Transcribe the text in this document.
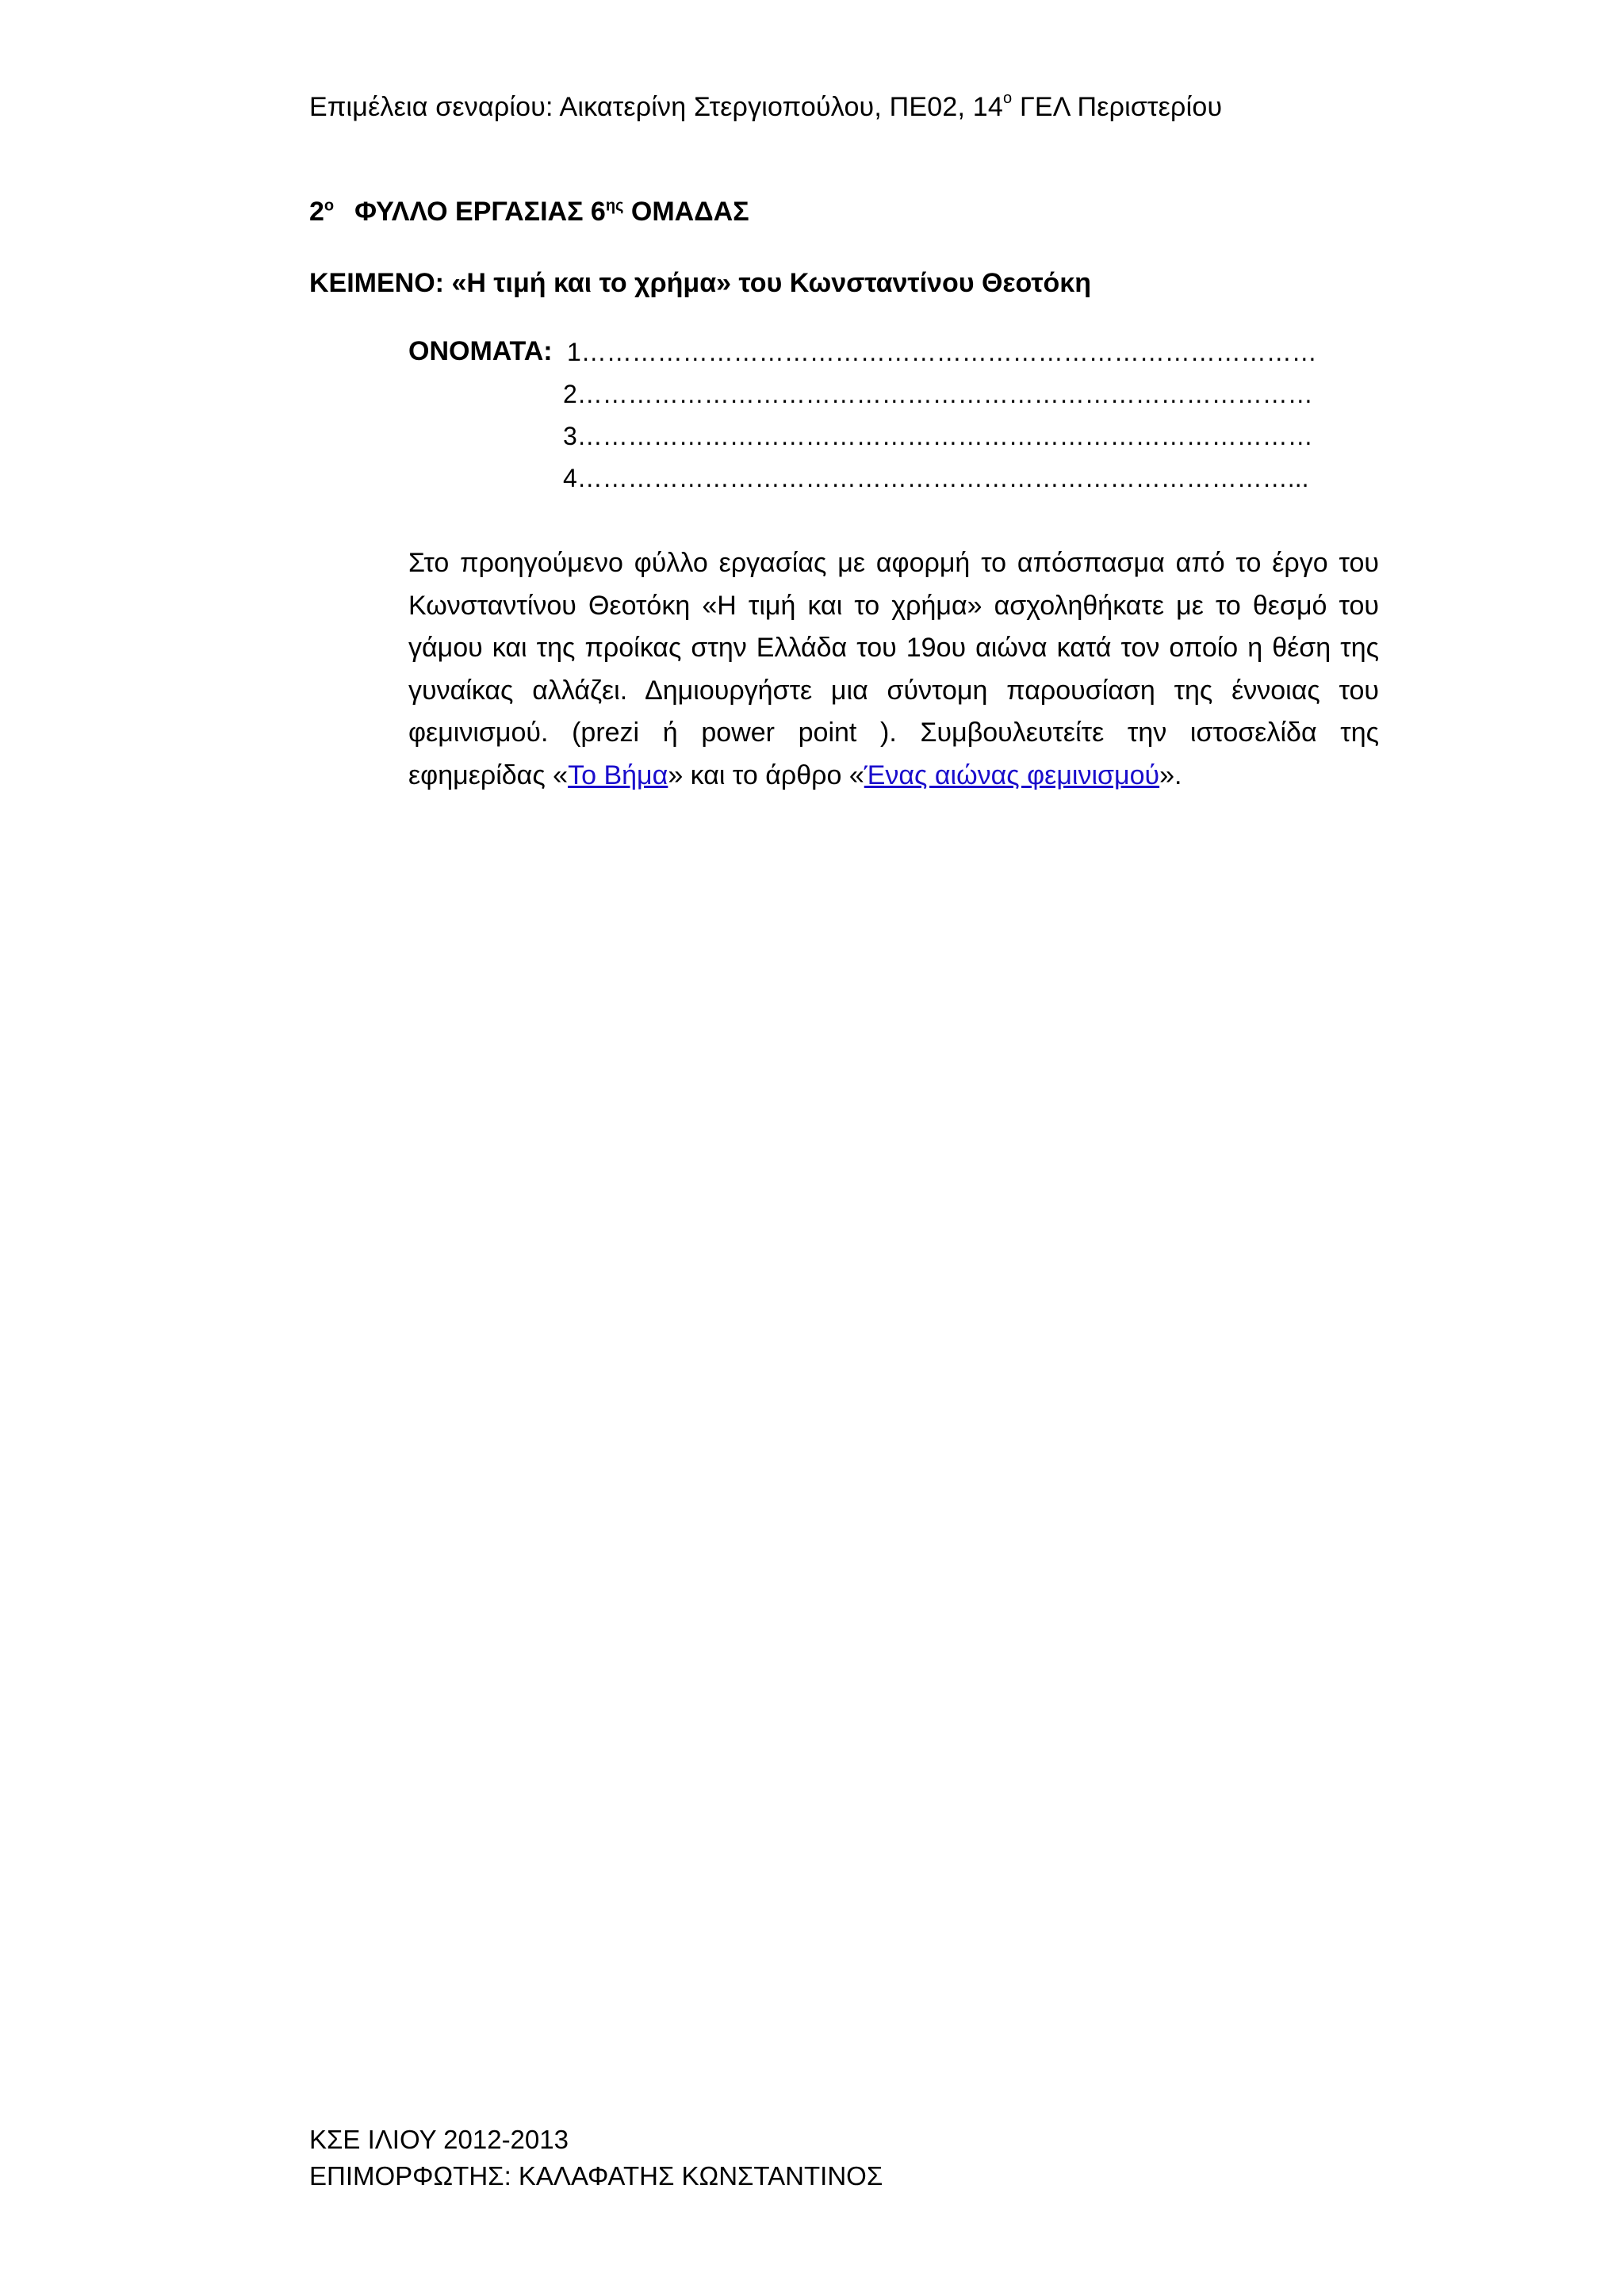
Επιμέλεια σεναρίου: Αικατερίνη Στεργιοπούλου, ΠΕ02, $14^o$ ΓΕΛ Περιστερίου
$2^o$ ΦΥΛΛΟ ΕΡΓΑΣΙΑΣ $6^{\eta\varsigma}$ ΟΜΑΔΑΣ
ΚΕΙΜΕΝΟ: «Η τιμή και το χρήμα» του Κωνσταντίνου Θεοτόκη
ΟΝΟΜΑΤΑ: 1……………………………………………………………………………
2……………………………………………………………………………
3……………………………………………………………………………
4…………………………………………………………………………...
Στο προηγούμενο φύλλο εργασίας με αφορμή το απόσπασμα από το έργο του Κωνσταντίνου Θεοτόκη «Η τιμή και το χρήμα» ασχοληθήκατε με το θεσμό του γάμου και της προίκας στην Ελλάδα του 19ου αιώνα κατά τον οποίο η θέση της γυναίκας αλλάζει. Δημιουργήστε μια σύντομη παρουσίαση της έννοιας του φεμινισμού. (prezi ή power point ). Συμβουλευτείτε την ιστοσελίδα της εφημερίδας «Το Βήμα» και το άρθρο «Ένας αιώνας φεμινισμού».
ΚΣΕ ΙΛΙΟΥ 2012-2013
ΕΠΙΜΟΡΦΩΤΗΣ: ΚΑΛΑΦΑΤΗΣ ΚΩΝΣΤΑΝΤΙΝΟΣ
